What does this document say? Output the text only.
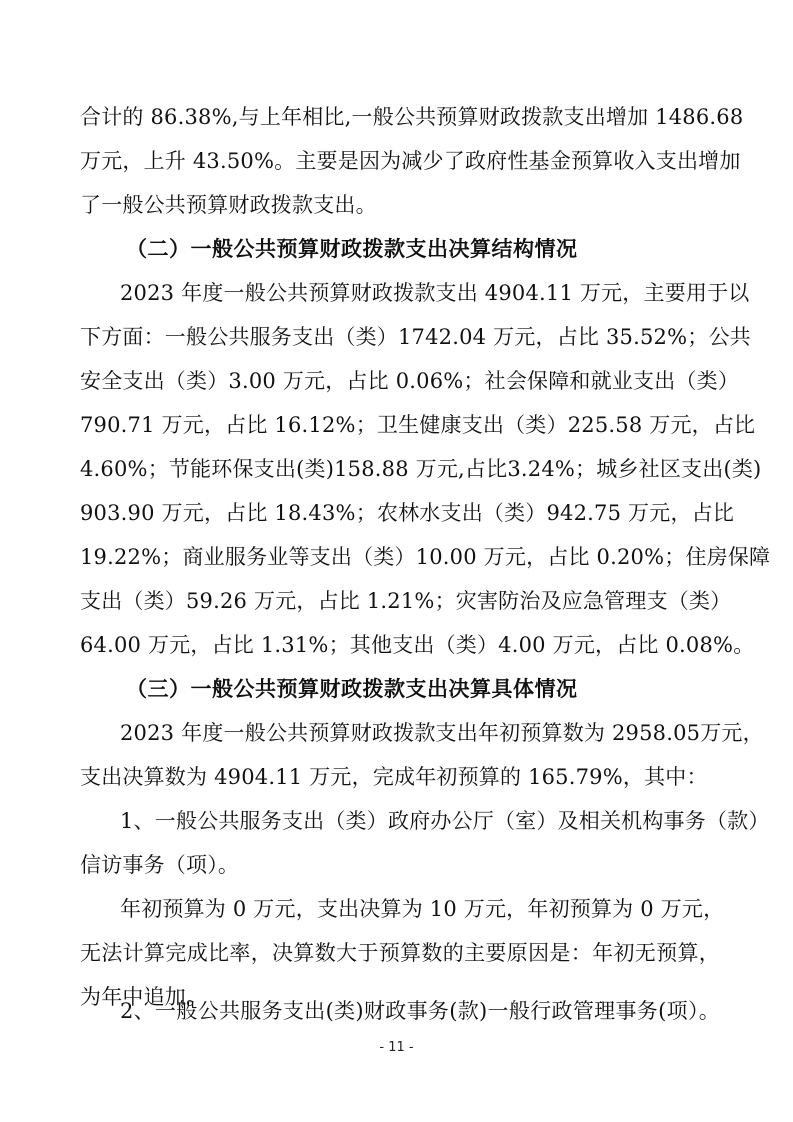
合计的 86.38%,与上年相比,一般公共预算财政拨款支出增加 1486.68
万元，上升 43.50%。主要是因为减少了政府性基金预算收入支出增加
了一般公共预算财政拨款支出。
（二）一般公共预算财政拨款支出决算结构情况
2023 年度一般公共预算财政拨款支出 4904.11 万元，主要用于以
下方面：一般公共服务支出（类）1742.04 万元，占比 35.52%；公共
安全支出（类）3.00 万元，占比 0.06%；社会保障和就业支出（类）
790.71 万元，占比 16.12%；卫生健康支出（类）225.58 万元，占比
4.60%；节能环保支出(类)158.88 万元,占比3.24%；城乡社区支出(类)
903.90 万元，占比 18.43%；农林水支出（类）942.75 万元，占比
19.22%；商业服务业等支出（类）10.00 万元，占比 0.20%；住房保障
支出（类）59.26 万元，占比 1.21%；灾害防治及应急管理支（类）
64.00 万元，占比 1.31%；其他支出（类）4.00 万元，占比 0.08%。
（三）一般公共预算财政拨款支出决算具体情况
2023 年度一般公共预算财政拨款支出年初预算数为 2958.05万元，
支出决算数为 4904.11 万元，完成年初预算的 165.79%，其中：
1、一般公共服务支出（类）政府办公厅（室）及相关机构事务（款）
信访事务（项）。
年初预算为 0 万元，支出决算为 10 万元，年初预算为 0 万元，
无法计算完成比率，决算数大于预算数的主要原因是：年初无预算，
为年中追加。
- 11 -
2、一般公共服务支出(类)财政事务(款)一般行政管理事务(项）。
